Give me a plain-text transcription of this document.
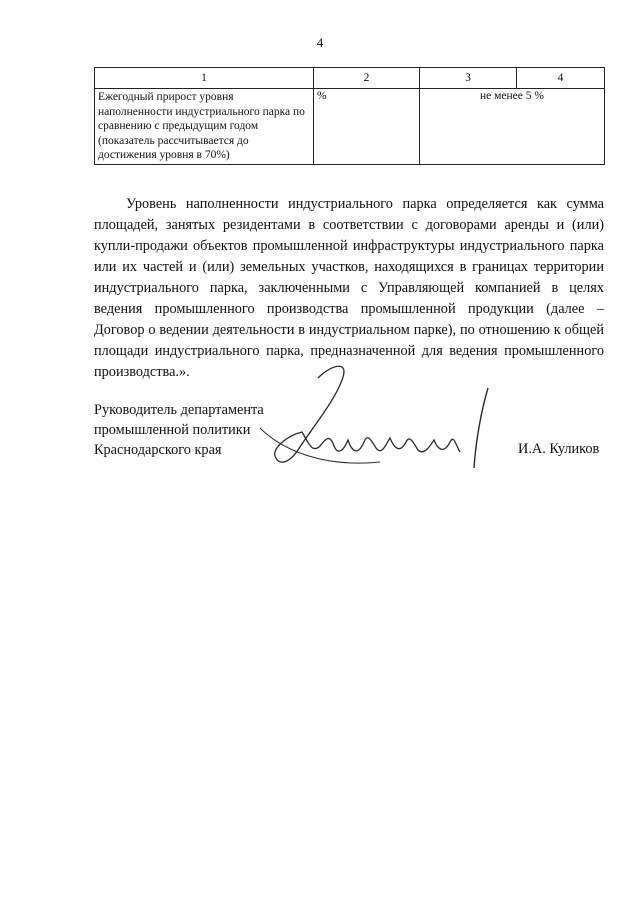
4
1	2	3	4
Ежегодный прирост уровня наполненности индустриального парка по сравнению с предыдущим годом (показатель рассчитывается до достижения уровня в 70%)	%	не менее 5 %	

Уровень наполненности индустриального парка определяется как сумма площадей, занятых резидентами в соответствии с договорами аренды и (или) купли-продажи объектов промышленной инфраструктуры индустриального парка или их частей и (или) земельных участков, находящихся в границах территории индустриального парка, заключенными с Управляющей компанией в целях ведения промышленного производства промышленной продукции (далее – Договор о ведении деятельности в индустриальном парке), по отношению к общей площади индустриального парка, предназначенной для ведения промышленного производства.».

Руководитель департамента
промышленной политики
Краснодарского края	И.А. Куликов
